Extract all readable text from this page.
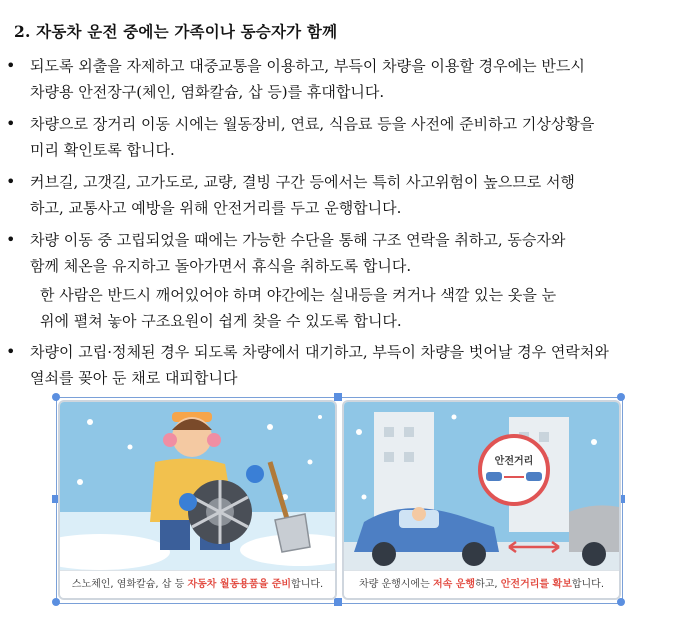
2. 자동차 운전 중에는 가족이나 동승자가 함께
• 되도록 외출을 자제하고 대중교통을 이용하고, 부득이 차량을 이용할 경우에는 반드시
차량용 안전장구(체인, 염화칼슘, 삽 등)를 휴대합니다.
• 차량으로 장거리 이동 시에는 월동장비, 연료, 식음료 등을 사전에 준비하고 기상상황을
미리 확인토록 합니다.
• 커브길, 고갯길, 고가도로, 교량, 결빙 구간 등에서는 특히 사고위험이 높으므로 서행
하고, 교통사고 예방을 위해 안전거리를 두고 운행합니다.
• 차량 이동 중 고립되었을 때에는 가능한 수단을 통해 구조 연락을 취하고, 동승자와
함께 체온을 유지하고 돌아가면서 휴식을 취하도록 합니다.
한 사람은 반드시 깨어있어야 하며 야간에는 실내등을 켜거나 색깔 있는 옷을 눈
위에 펼쳐 놓아 구조요원이 쉽게 찾을 수 있도록 합니다.
• 차량이 고립·정체된 경우 되도록 차량에서 대기하고, 부득이 차량을 벗어날 경우 연락처와
열쇠를 꽂아 둔 채로 대피합니다
스노체인, 염화칼슘, 삽 등 자동차 월동용품을 준비합니다.
안전거리
차량 운행시에는 저속 운행하고, 안전거리를 확보합니다.
